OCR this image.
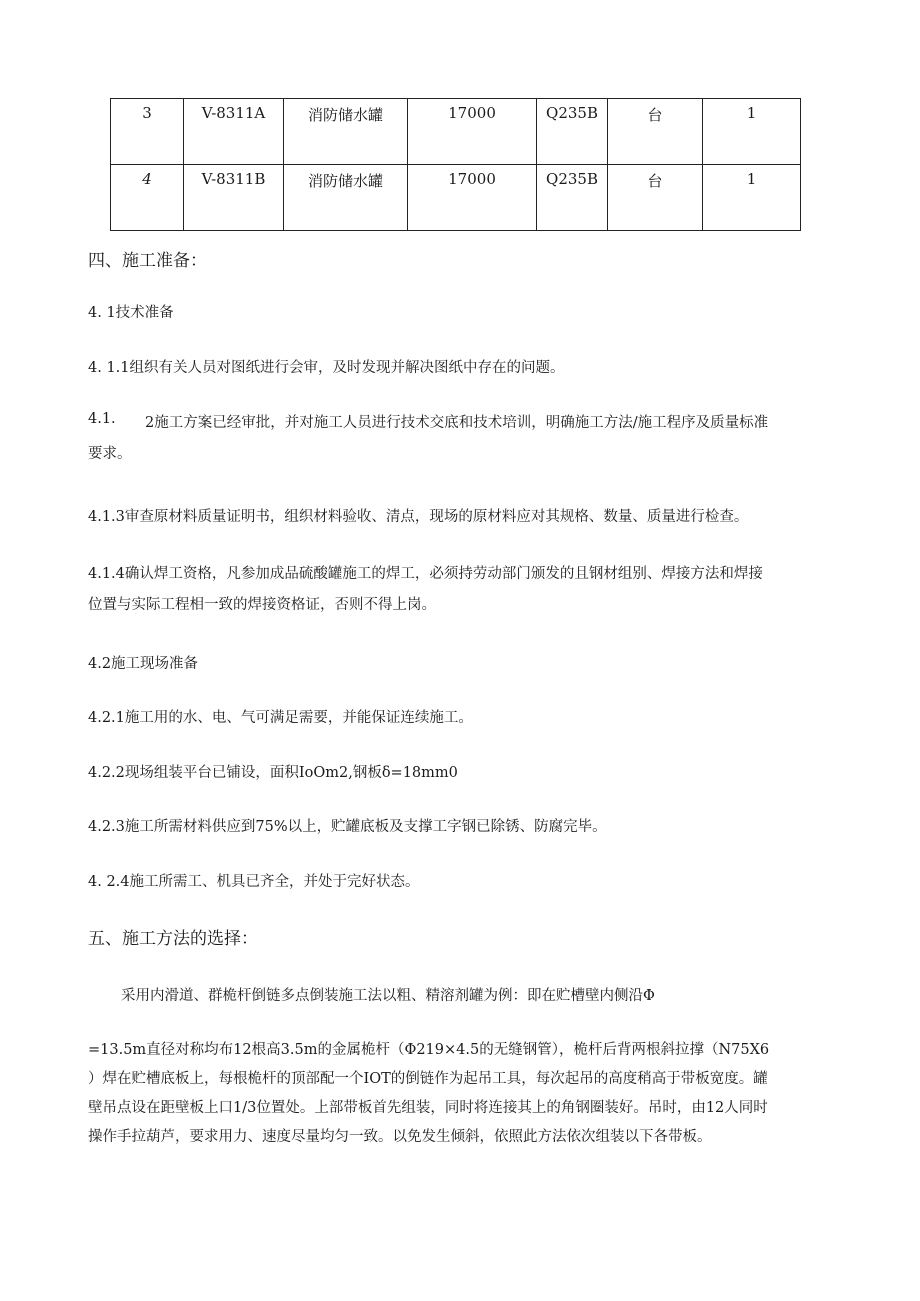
3	V-8311A	消防储水罐	17000	Q235B	台	1
4	V-8311B	消防储水罐	17000	Q235B	台	1
四、施工准备：
4. 1技术准备
4. 1.1组织有关人员对图纸进行会审，及时发现并解决图纸中存在的问题。
4.1. 2施工方案已经审批，并对施工人员进行技术交底和技术培训，明确施工方法/施工程序及质量标准
要求。
4.1.3审查原材料质量证明书，组织材料验收、清点，现场的原材料应对其规格、数量、质量进行检查。
4.1.4确认焊工资格，凡参加成品硫酸罐施工的焊工，必须持劳动部门颁发的且钢材组别、焊接方法和焊接
位置与实际工程相一致的焊接资格证，否则不得上岗。
4.2施工现场准备
4.2.1施工用的水、电、气可满足需要，并能保证连续施工。
4.2.2现场组装平台已铺设，面积IoOm2,钢板δ=18mm0
4.2.3施工所需材料供应到75%以上，贮罐底板及支撑工字钢已除锈、防腐完毕。
4. 2.4施工所需工、机具已齐全，并处于完好状态。
五、施工方法的选择：
采用内滑道、群桅杆倒链多点倒装施工法以粗、精溶剂罐为例：即在贮槽壁内侧沿Φ
=13.5m直径对称均布12根高3.5m的金属桅杆（Φ219×4.5的无缝钢管），桅杆后背两根斜拉撑（N75X6
）焊在贮槽底板上，每根桅杆的顶部配一个IOT的倒链作为起吊工具，每次起吊的高度稍高于带板宽度。罐
壁吊点设在距壁板上口1/3位置处。上部带板首先组装，同时将连接其上的角钢圈装好。吊时，由12人同时
操作手拉葫芦，要求用力、速度尽量均匀一致。以免发生倾斜，依照此方法依次组装以下各带板。
